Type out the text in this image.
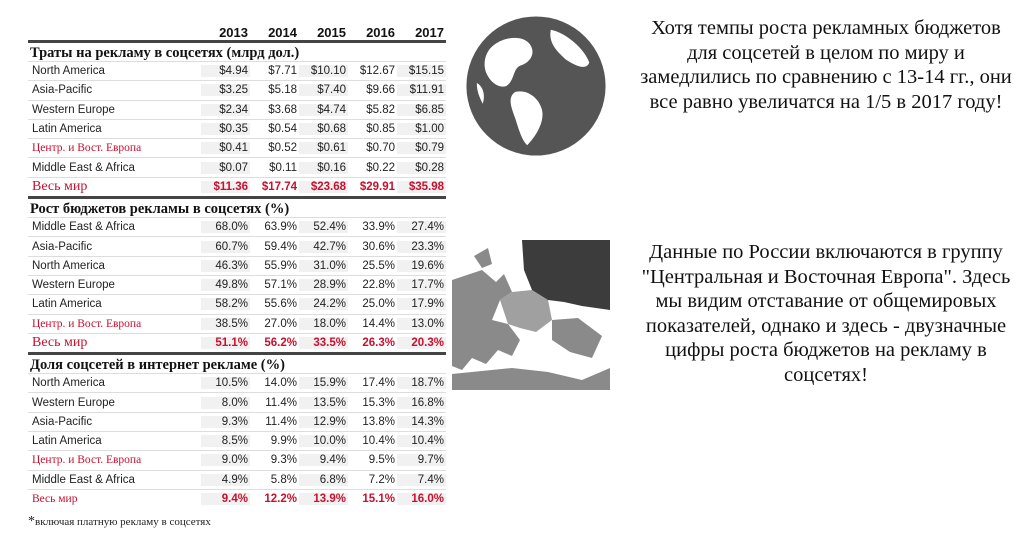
2013	2014	2015	2016	2017
Траты на рекламу в соцсетях (млрд дол.)
North America	$4.94	$7.71	$10.10	$12.67	$15.15
Asia-Pacific	$3.25	$5.18	$7.40	$9.66	$11.91
Western Europe	$2.34	$3.68	$4.74	$5.82	$6.85
Latin America	$0.35	$0.54	$0.68	$0.85	$1.00
Центр. и Вост. Европа	$0.41	$0.52	$0.61	$0.70	$0.79
Middle East & Africa	$0.07	$0.11	$0.16	$0.22	$0.28
Весь мир	$11.36	$17.74	$23.68	$29.91	$35.98
Рост бюджетов рекламы в соцсетях (%)
Middle East & Africa	68.0%	63.9%	52.4%	33.9%	27.4%
Asia-Pacific	60.7%	59.4%	42.7%	30.6%	23.3%
North America	46.3%	55.9%	31.0%	25.5%	19.6%
Western Europe	49.8%	57.1%	28.9%	22.8%	17.7%
Latin America	58.2%	55.6%	24.2%	25.0%	17.9%
Центр. и Вост. Европа	38.5%	27.0%	18.0%	14.4%	13.0%
Весь мир	51.1%	56.2%	33.5%	26.3%	20.3%
Доля соцсетей в интернет рекламе (%)
North America	10.5%	14.0%	15.9%	17.4%	18.7%
Western Europe	8.0%	11.4%	13.5%	15.3%	16.8%
Asia-Pacific	9.3%	11.4%	12.9%	13.8%	14.3%
Latin America	8.5%	9.9%	10.0%	10.4%	10.4%
Центр. и Вост. Европа	9.0%	9.3%	9.4%	9.5%	9.7%
Middle East & Africa	4.9%	5.8%	6.8%	7.2%	7.4%
Весь мир	9.4%	12.2%	13.9%	15.1%	16.0%
*включая платную рекламу в соцсетях

Хотя темпы роста рекламных бюджетов для соцсетей в целом по миру и замедлились по сравнению с 13-14 гг., они все равно увеличатся на 1/5 в 2017 году!

Данные по России включаются в группу "Центральная и Восточная Европа". Здесь мы видим отставание от общемировых показателей, однако и здесь - двузначные цифры роста бюджетов на рекламу в соцсетях!
